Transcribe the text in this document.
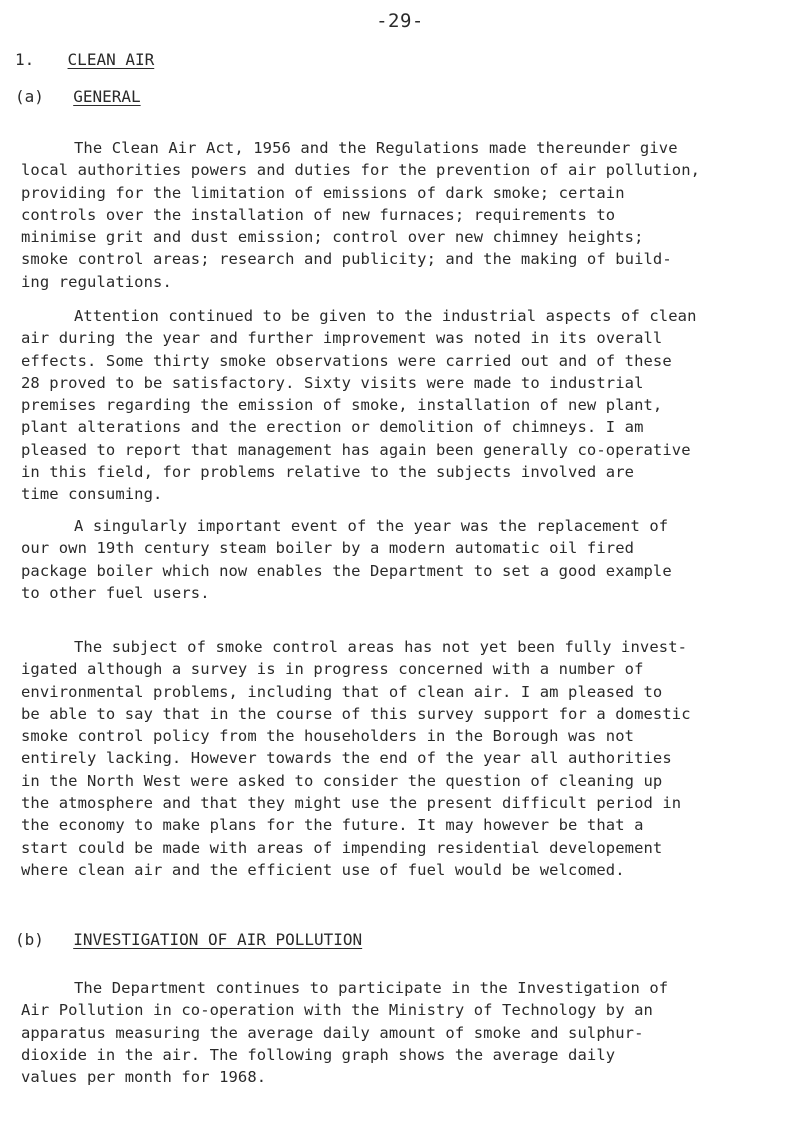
-29-
1. CLEAN AIR
(a) GENERAL
The Clean Air Act, 1956 and the Regulations made thereunder give
local authorities powers and duties for the prevention of air pollution,
providing for the limitation of emissions of dark smoke; certain
controls over the installation of new furnaces; requirements to
minimise grit and dust emission; control over new chimney heights;
smoke control areas; research and publicity; and the making of build-
ing regulations.
Attention continued to be given to the industrial aspects of clean
air during the year and further improvement was noted in its overall
effects. Some thirty smoke observations were carried out and of these
28 proved to be satisfactory. Sixty visits were made to industrial
premises regarding the emission of smoke, installation of new plant,
plant alterations and the erection or demolition of chimneys. I am
pleased to report that management has again been generally co-operative
in this field, for problems relative to the subjects involved are
time consuming.
A singularly important event of the year was the replacement of
our own 19th century steam boiler by a modern automatic oil fired
package boiler which now enables the Department to set a good example
to other fuel users.
The subject of smoke control areas has not yet been fully invest-
igated although a survey is in progress concerned with a number of
environmental problems, including that of clean air. I am pleased to
be able to say that in the course of this survey support for a domestic
smoke control policy from the householders in the Borough was not
entirely lacking. However towards the end of the year all authorities
in the North West were asked to consider the question of cleaning up
the atmosphere and that they might use the present difficult period in
the economy to make plans for the future. It may however be that a
start could be made with areas of impending residential developement
where clean air and the efficient use of fuel would be welcomed.
(b) INVESTIGATION OF AIR POLLUTION
The Department continues to participate in the Investigation of
Air Pollution in co-operation with the Ministry of Technology by an
apparatus measuring the average daily amount of smoke and sulphur-
dioxide in the air. The following graph shows the average daily
values per month for 1968.
